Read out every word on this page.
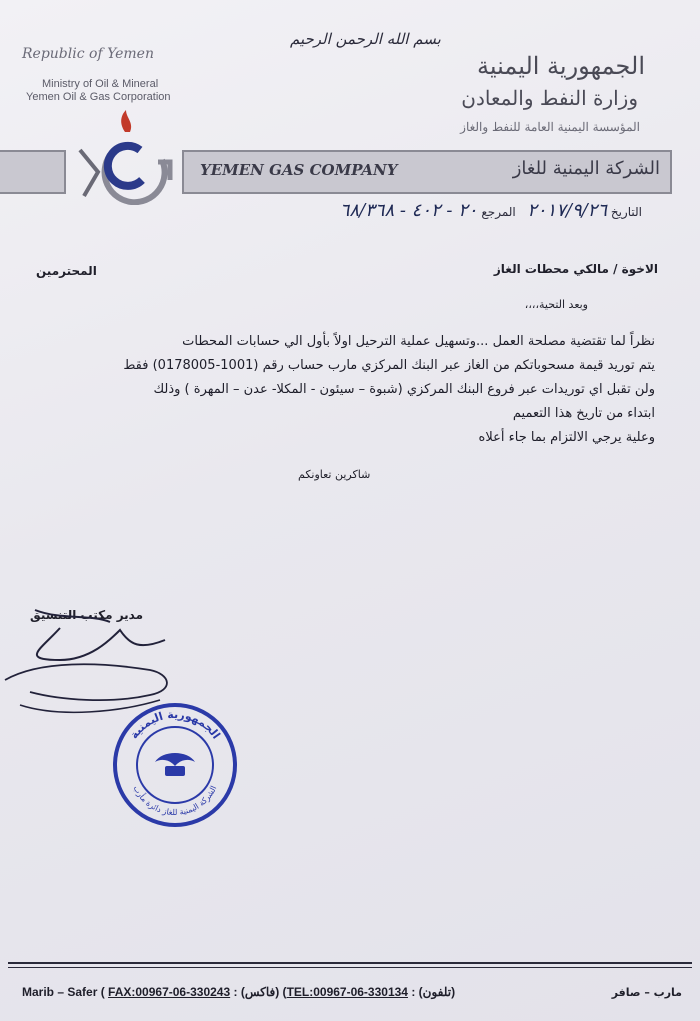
بسم الله الرحمن الرحيم
Republic of Yemen
Ministry of Oil & Mineral
Yemen Oil & Gas Corporation
الجمهورية اليمنية
وزارة النفط والمعادن
المؤسسة اليمنية العامة للنفط والغاز
YEMEN GAS COMPANY	الشركة اليمنية للغاز
التاريخ ٢٠١٧/٩/٢٦   المرجع ٢٠ - ٤٠٢ - ٦٨/٣٦٨
الاخوة / مالكي محطات الغاز
المحترمين
وبعد التحية،،،،
نظراً لما تقتضية مصلحة العمل ...وتسهيل عملية الترحيل اولاً بأول الي حسابات المحطات
يتم توريد قيمة مسحوباتكم من الغاز عبر البنك المركزي مارب حساب رقم (1001-0178005) فقط
ولن تقبل اي توريدات عبر فروع البنك المركزي (شبوة – سيئون - المكلا- عدن – المهرة ) وذلك
ابتداء من تاريخ هذا التعميم
وعلية يرجي الالتزام بما جاء أعلاه
شاكرين تعاونكم
مدير مكتب التنسيق
الجمهورية اليمنية
الشركة اليمنية للغاز دائرة مأرب
Marib – Safer ( FAX:00967-06-330243 : (فاكس) (TEL:00967-06-330134 : (تلفون)	مارب – صافر
